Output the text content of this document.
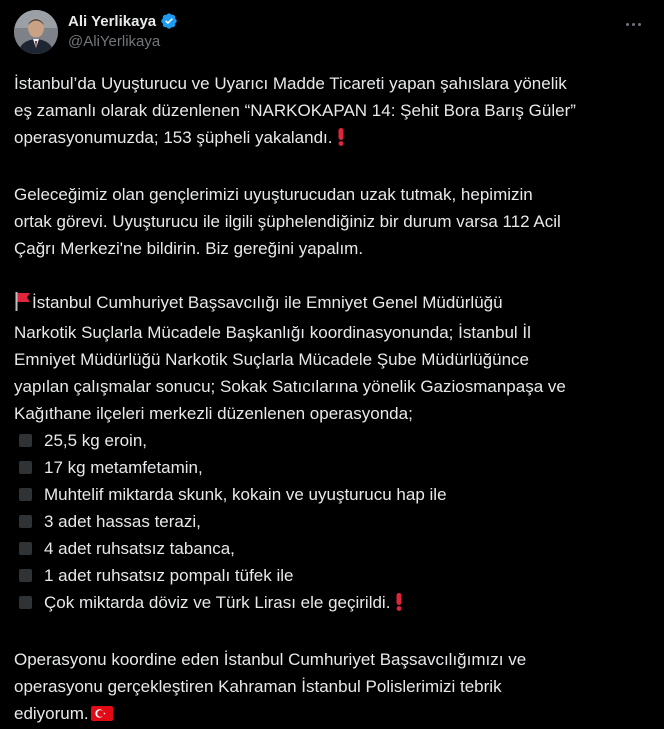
Ali Yerlikaya
@AliYerlikaya
İstanbul’da Uyuşturucu ve Uyarıcı Madde Ticareti yapan şahıslara yönelik
eş zamanlı olarak düzenlenen “NARKOKAPAN 14: Şehit Bora Barış Güler”
operasyonumuzda; 153 şüpheli yakalandı.
Geleceğimiz olan gençlerimizi uyuşturucudan uzak tutmak, hepimizin
ortak görevi. Uyuşturucu ile ilgili şüphelendiğiniz bir durum varsa 112 Acil
Çağrı Merkezi'ne bildirin. Biz gereğini yapalım.
İstanbul Cumhuriyet Başsavcılığı ile Emniyet Genel Müdürlüğü
Narkotik Suçlarla Mücadele Başkanlığı koordinasyonunda; İstanbul İl
Emniyet Müdürlüğü Narkotik Suçlarla Mücadele Şube Müdürlüğünce
yapılan çalışmalar sonucu; Sokak Satıcılarına yönelik Gaziosmanpaşa ve
Kağıthane ilçeleri merkezli düzenlenen operasyonda;
25,5 kg eroin,
17 kg metamfetamin,
Muhtelif miktarda skunk, kokain ve uyuşturucu hap ile
3 adet hassas terazi,
4 adet ruhsatsız tabanca,
1 adet ruhsatsız pompalı tüfek ile
Çok miktarda döviz ve Türk Lirası ele geçirildi.
Operasyonu koordine eden İstanbul Cumhuriyet Başsavcılığımızı ve
operasyonu gerçekleştiren Kahraman İstanbul Polislerimizi tebrik
ediyorum.
